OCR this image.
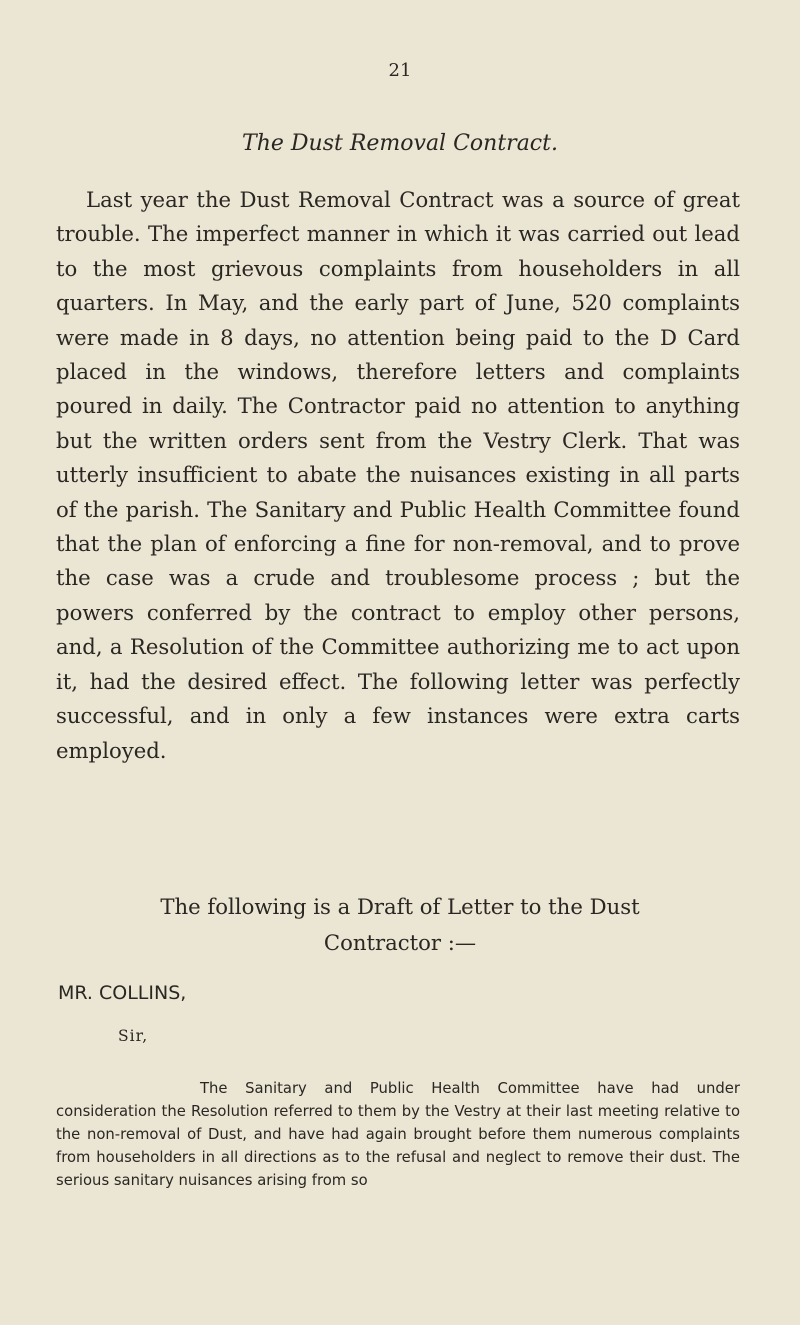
21
The Dust Removal Contract.

Last year the Dust Removal Contract was a source of great trouble. The imperfect manner in which it was carried out lead to the most grievous complaints from householders in all quarters. In May, and the early part of June, 520 complaints were made in 8 days, no attention being paid to the D Card placed in the windows, therefore letters and complaints poured in daily. The Contractor paid no attention to anything but the written orders sent from the Vestry Clerk. That was utterly insufficient to abate the nuisances existing in all parts of the parish. The Sanitary and Public Health Committee found that the plan of enforcing a fine for non-removal, and to prove the case was a crude and troublesome process ; but the powers conferred by the contract to employ other persons, and, a Resolution of the Committee authorizing me to act upon it, had the desired effect. The following letter was perfectly successful, and in only a few instances were extra carts employed.

The following is a Draft of Letter to the Dust
Contractor :—
MR. COLLINS,
Sir,

The Sanitary and Public Health Committee have had under consideration the Resolution referred to them by the Vestry at their last meeting relative to the non-removal of Dust, and have had again brought before them numerous complaints from householders in all directions as to the refusal and neglect to remove their dust. The serious sanitary nuisances arising from so
